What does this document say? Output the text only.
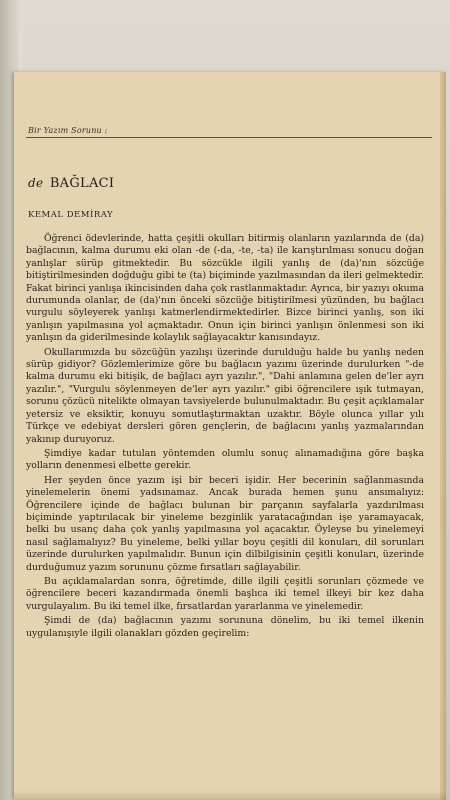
Bir Yazım Sorunu :
de BAĞLACI
KEMAL DEMİRAY

Öğrenci ödevlerinde, hatta çeşitli okulları bitirmiş olanların yazılarında de (da) bağlacının, kalma durumu eki olan -de (-da, -te, -ta) ile karıştırılması sonucu doğan yanlışlar sürüp gitmektedir. Bu sözcükle ilgili yanlış de (da)'nın sözcüğe bitiştirilmesinden doğduğu gibi te (ta) biçiminde yazılmasından da ileri gelmektedir. Fakat birinci yanlışa ikincisinden daha çok rastlanmaktadır. Ayrıca, bir yazıyı okuma durumunda olanlar, de (da)'nın önceki sözcüğe bitiştirilmesi yüzünden, bu bağlacı vurgulu söyleyerek yanlışı katmerlendirmektedirler. Bizce birinci yanlış, son iki yanlışın yapılmasına yol açmaktadır. Onun için birinci yanlışın önlenmesi son iki yanlışın da giderilmesinde kolaylık sağlayacaktır kanısındayız.

Okullarımızda bu sözcüğün yazılışı üzerinde durulduğu halde bu yanlış neden sürüp gidiyor? Gözlemlerimize göre bu bağlacın yazımı üzerinde durulurken "-de kalma durumu eki bitişik, de bağlacı ayrı yazılır.", "Dahi anlamına gelen de'ler ayrı yazılır.", "Vurgulu söylenmeyen de'ler ayrı yazılır." gibi öğrencilere ışık tutmayan, sorunu çözücü nitelikte olmayan tavsiyelerde bulunulmaktadır. Bu çeşit açıklamalar yetersiz ve eksiktir, konuyu somutlaştırmaktan uzaktır. Böyle olunca yıllar yılı Türkçe ve edebiyat dersleri gören gençlerin, de bağlacını yanlış yazmalarından yakınıp duruyoruz.

Şimdiye kadar tutulan yöntemden olumlu sonuç alınamadığına göre başka yolların denenmesi elbette gerekir.

Her şeyden önce yazım işi bir beceri işidir. Her becerinin sağlanmasında yinelemelerin önemi yadsınamaz. Ancak burada hemen şunu ansımalıyız: Öğrencilere içinde de bağlacı bulunan bir parçanın sayfalarla yazdırılması biçiminde yaptırılacak bir yineleme bezginlik yaratacağından işe yaramayacak, belki bu usanç daha çok yanlış yapılmasına yol açacaktır. Öyleyse bu yinelemeyi nasıl sağlamalıyız? Bu yineleme, belki yıllar boyu çeşitli dil konuları, dil sorunları üzerinde durulurken yapılmalıdır. Bunun için dilbilgisinin çeşitli konuları, üzerinde durduğumuz yazım sorununu çözme fırsatları sağlayabilir.

Bu açıklamalardan sonra, öğretimde, dille ilgili çeşitli sorunları çözmede ve öğrencilere beceri kazandırmada önemli başlıca iki temel ilkeyi bir kez daha vurgulayalım. Bu iki temel ilke, fırsatlardan yararlanma ve yinelemedir.

Şimdi de (da) bağlacının yazımı sorununa dönelim, bu iki temel ilkenin uygulanışıyle ilgili olanakları gözden geçirelim:
